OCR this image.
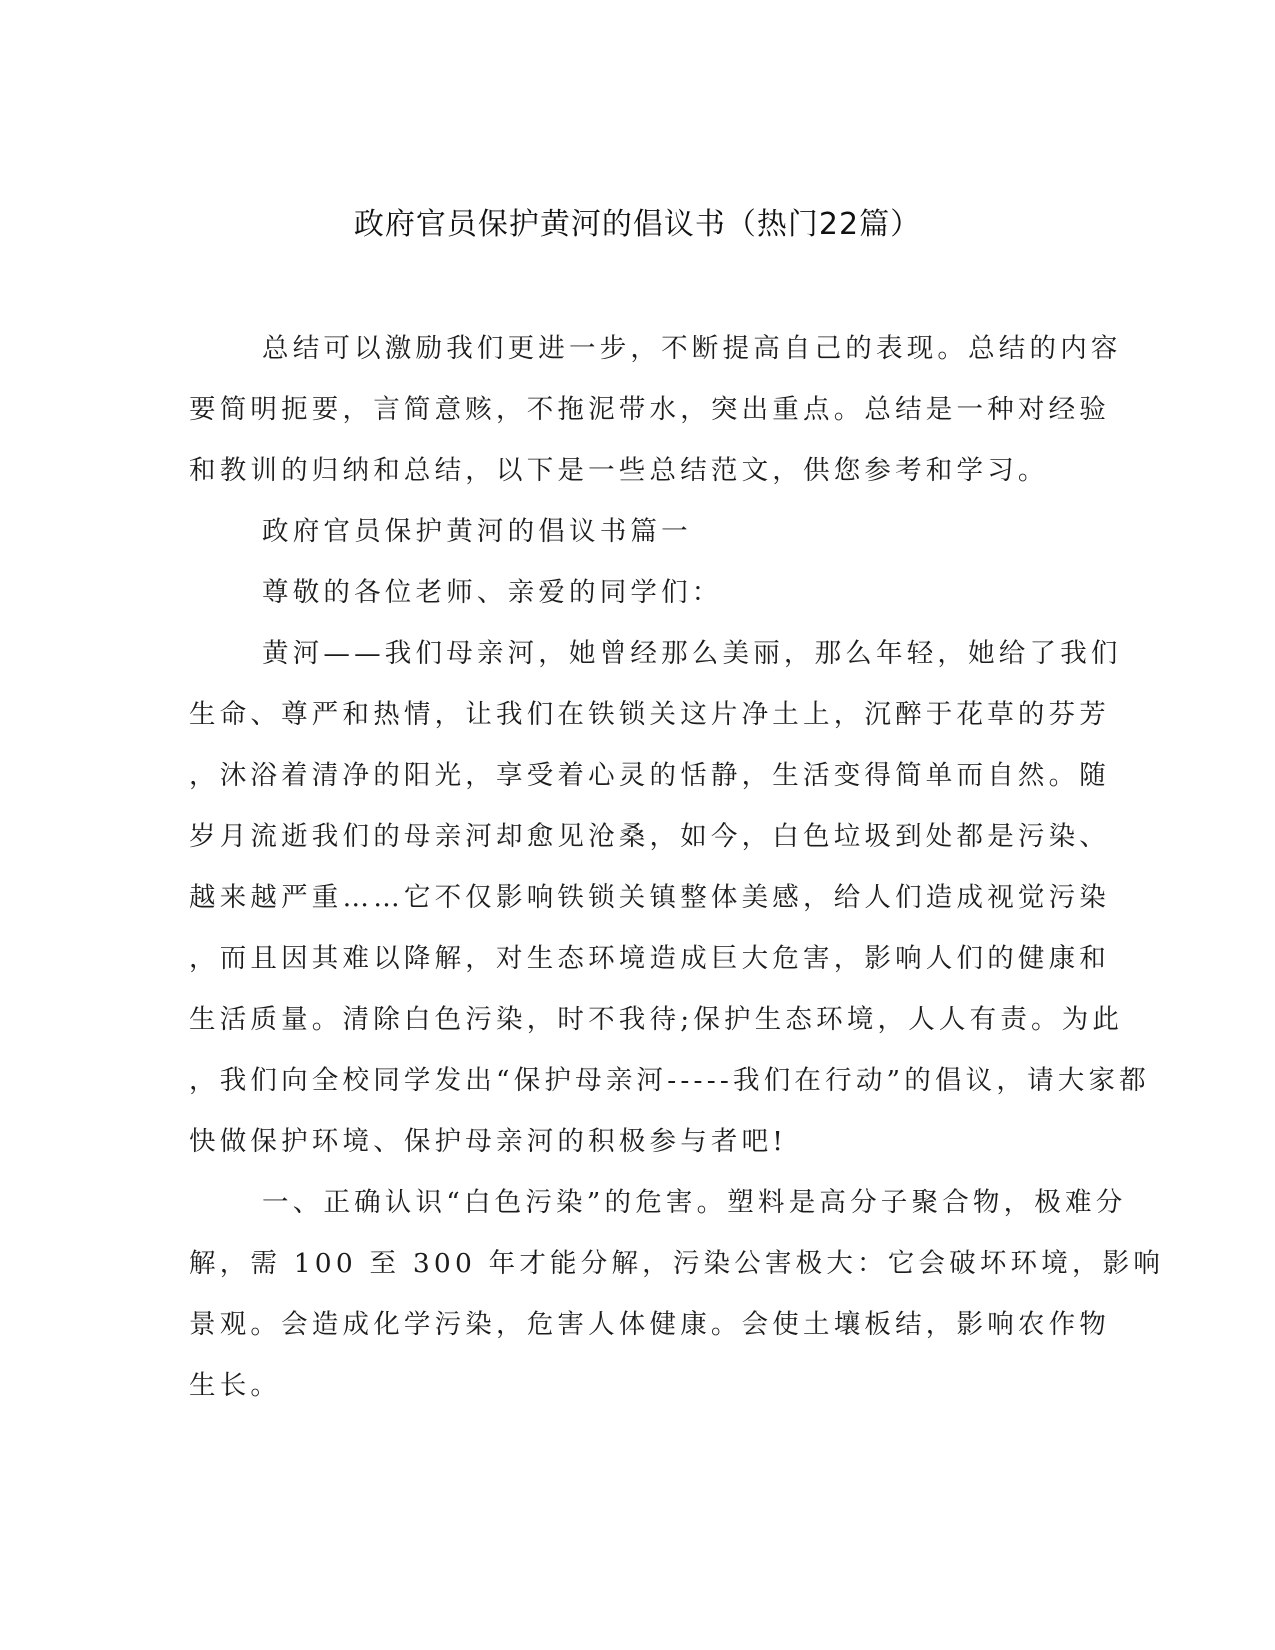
政府官员保护黄河的倡议书（热门22篇）
总结可以激励我们更进一步，不断提高自己的表现。总结的内容
要简明扼要，言简意赅，不拖泥带水，突出重点。总结是一种对经验
和教训的归纳和总结，以下是一些总结范文，供您参考和学习。
政府官员保护黄河的倡议书篇一
尊敬的各位老师、亲爱的同学们：
黄河——我们母亲河，她曾经那么美丽，那么年轻，她给了我们
生命、尊严和热情，让我们在铁锁关这片净土上，沉醉于花草的芬芳
，沐浴着清净的阳光，享受着心灵的恬静，生活变得简单而自然。随
岁月流逝我们的母亲河却愈见沧桑，如今，白色垃圾到处都是污染、
越来越严重……它不仅影响铁锁关镇整体美感，给人们造成视觉污染
，而且因其难以降解，对生态环境造成巨大危害，影响人们的健康和
生活质量。清除白色污染，时不我待;保护生态环境，人人有责。为此
，我们向全校同学发出“保护母亲河-----我们在行动”的倡议，请大家都
快做保护环境、保护母亲河的积极参与者吧!
一、正确认识“白色污染”的危害。塑料是高分子聚合物，极难分
解，需 100 至 300 年才能分解，污染公害极大：它会破坏环境，影响
景观。会造成化学污染，危害人体健康。会使土壤板结，影响农作物
生长。
